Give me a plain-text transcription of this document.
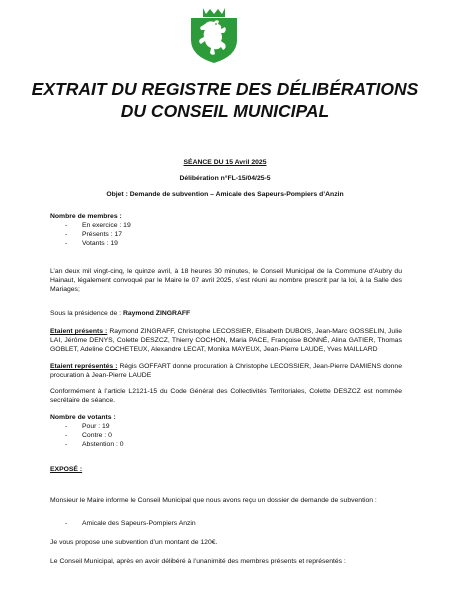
EXTRAIT DU REGISTRE DES DÉLIBÉRATIONS
DU CONSEIL MUNICIPAL
SÉANCE DU 15 Avril 2025
Délibération n°FL-15/04/25-5
Objet : Demande de subvention – Amicale des Sapeurs-Pompiers d’Anzin
Nombre de membres :
- En exercice : 19
- Présents : 17
- Votants : 19
L’an deux mil vingt-cinq, le quinze avril, à 18 heures 30 minutes, le Conseil Municipal de la Commune d’Aubry du Hainaut, légalement convoqué par le Maire le 07 avril 2025, s’est réuni au nombre prescrit par la loi, à la Salle des Mariages;
Sous la présidence de : Raymond ZINGRAFF
Etaient présents : Raymond ZINGRAFF, Christophe LECOSSIER, Elisabeth DUBOIS, Jean-Marc GOSSELIN, Julie LAI, Jérôme DENYS, Colette DESZCZ, Thierry COCHON, Maria PACE, Françoise BONNÉ, Alina GATIER, Thomas GOBLET, Adeline COCHETEUX, Alexandre LECAT, Monika MAYEUX, Jean-Pierre LAUDE, Yves MAILLARD
Etaient représentés : Régis GOFFART donne procuration à Christophe LECOSSIER, Jean-Pierre DAMIENS donne procuration à Jean-Pierre LAUDE
Conformément à l’article L2121-15 du Code Général des Collectivités Territoriales, Colette DESZCZ est nommée secrétaire de séance.
Nombre de votants :
- Pour : 19
- Contre : 0
- Abstention : 0
EXPOSÉ :
Monsieur le Maire informe le Conseil Municipal que nous avons reçu un dossier de demande de subvention :
- Amicale des Sapeurs-Pompiers Anzin
Je vous propose une subvention d’un montant de 120€.
Le Conseil Municipal, après en avoir délibéré à l’unanimité des membres présents et représentés :
